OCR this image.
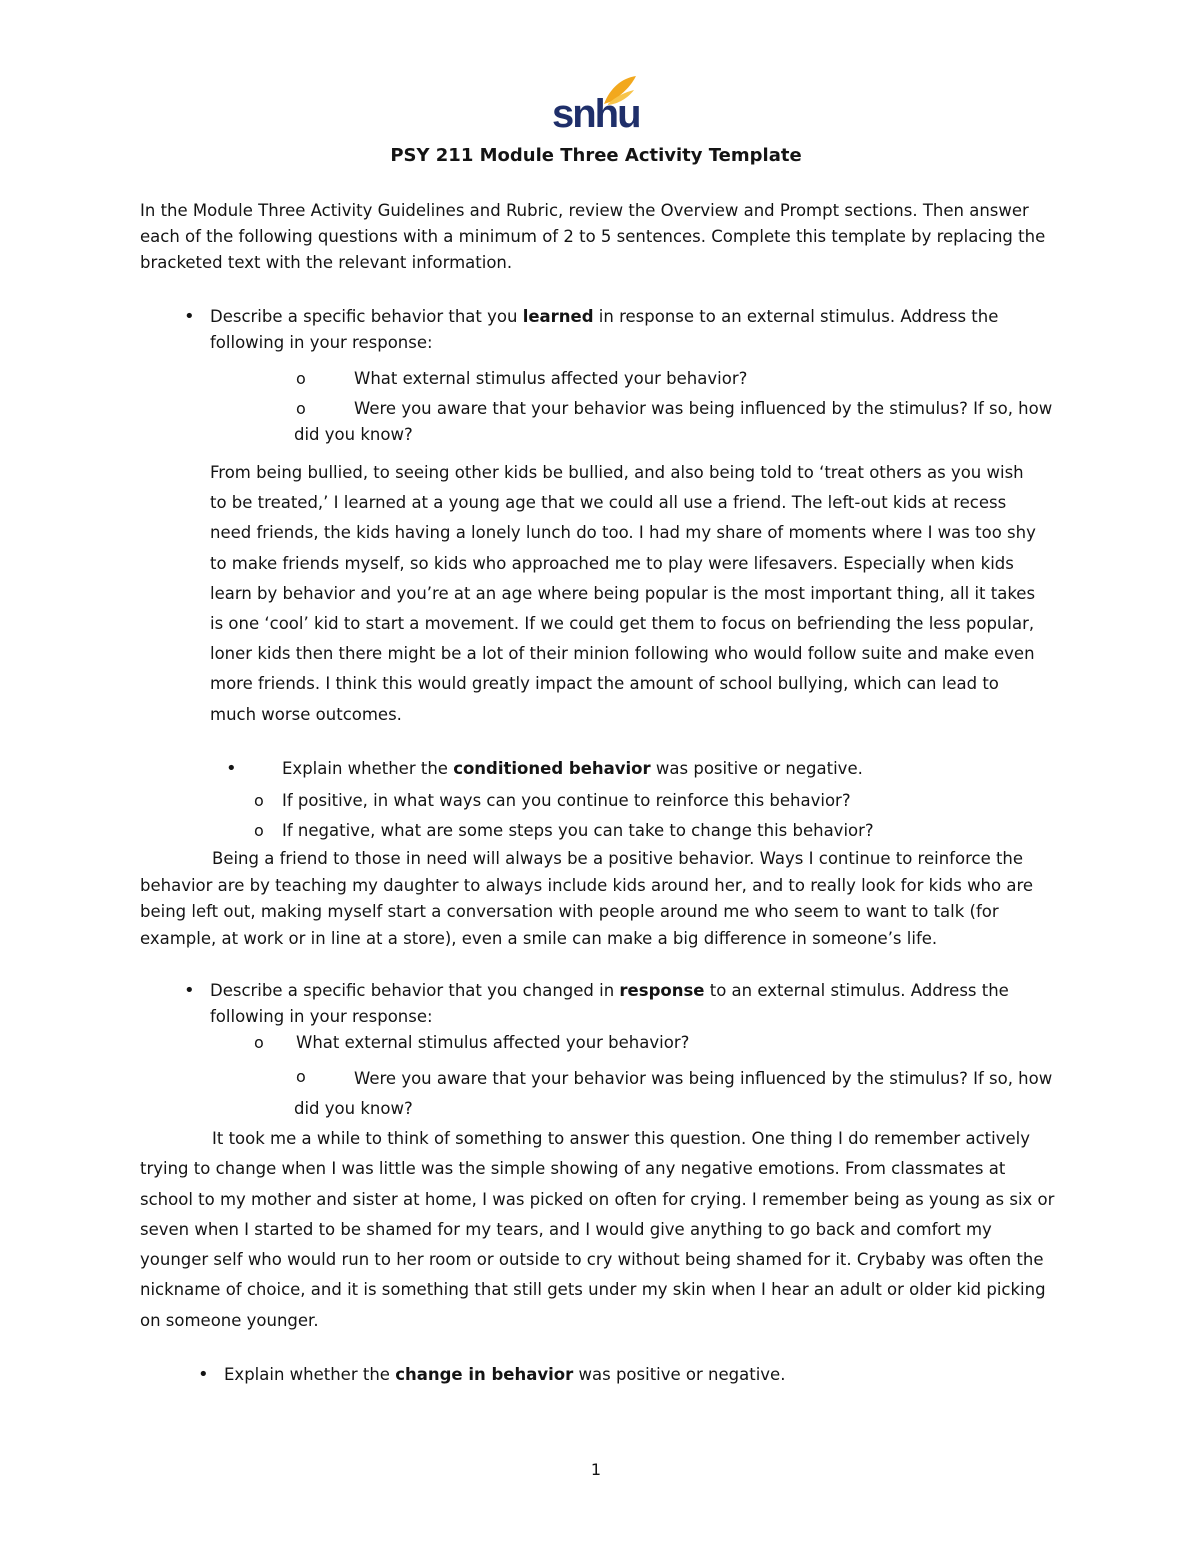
snhu
PSY 211 Module Three Activity Template
In the Module Three Activity Guidelines and Rubric, review the Overview and Prompt sections. Then answer each of the following questions with a minimum of 2 to 5 sentences. Complete this template by replacing the bracketed text with the relevant information.
• Describe a specific behavior that you learned in response to an external stimulus. Address the following in your response:
o	What external stimulus affected your behavior?
o	Were you aware that your behavior was being influenced by the stimulus? If so, how did you know?
From being bullied, to seeing other kids be bullied, and also being told to ‘treat others as you wish to be treated,’ I learned at a young age that we could all use a friend. The left-out kids at recess need friends, the kids having a lonely lunch do too. I had my share of moments where I was too shy to make friends myself, so kids who approached me to play were lifesavers. Especially when kids learn by behavior and you’re at an age where being popular is the most important thing, all it takes is one ‘cool’ kid to start a movement. If we could get them to focus on befriending the less popular, loner kids then there might be a lot of their minion following who would follow suite and make even more friends. I think this would greatly impact the amount of school bullying, which can lead to much worse outcomes.
•	Explain whether the conditioned behavior was positive or negative.
o If positive, in what ways can you continue to reinforce this behavior?
o If negative, what are some steps you can take to change this behavior?
Being a friend to those in need will always be a positive behavior. Ways I continue to reinforce the behavior are by teaching my daughter to always include kids around her, and to really look for kids who are being left out, making myself start a conversation with people around me who seem to want to talk (for example, at work or in line at a store), even a smile can make a big difference in someone’s life.
• Describe a specific behavior that you changed in response to an external stimulus. Address the following in your response:
o What external stimulus affected your behavior?
o	Were you aware that your behavior was being influenced by the stimulus? If so, how did you know?
It took me a while to think of something to answer this question. One thing I do remember actively trying to change when I was little was the simple showing of any negative emotions. From classmates at school to my mother and sister at home, I was picked on often for crying. I remember being as young as six or seven when I started to be shamed for my tears, and I would give anything to go back and comfort my younger self who would run to her room or outside to cry without being shamed for it. Crybaby was often the nickname of choice, and it is something that still gets under my skin when I hear an adult or older kid picking on someone younger.
• Explain whether the change in behavior was positive or negative.
1
